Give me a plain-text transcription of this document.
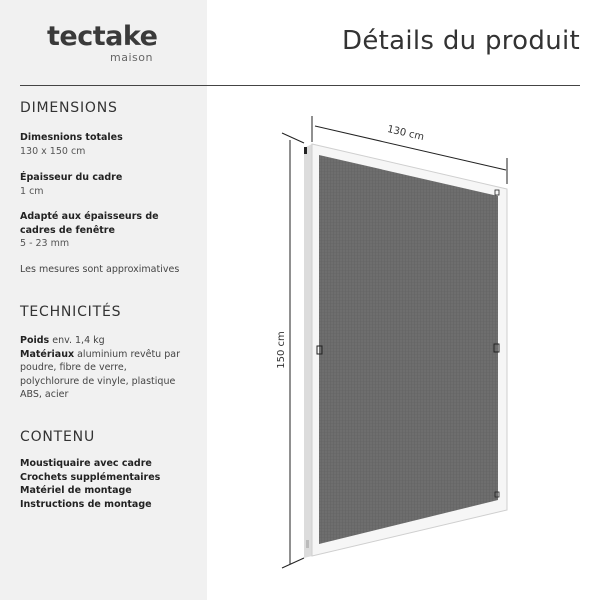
tectake
maison
Détails du produit
DIMENSIONS
Dimesnions totales
130 x 150 cm
Épaisseur du cadre
1 cm
Adapté aux épaisseurs de
cadres de fenêtre
5 - 23 mm
Les mesures sont approximatives
TECHNICITÉS
Poids env. 1,4 kg
Matériaux aluminium revêtu par
poudre, fibre de verre,
polychlorure de vinyle, plastique
ABS, acier
CONTENU
Moustiquaire avec cadre
Crochets supplémentaires
Matériel de montage
Instructions de montage
130 cm
150 cm
